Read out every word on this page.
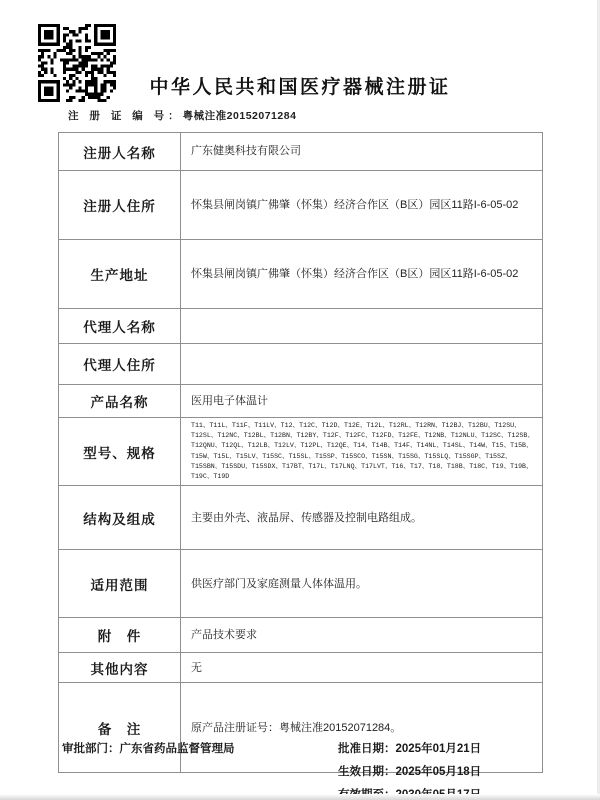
中华人民共和国医疗器械注册证
注 册 证 编 号：粤械注准20152071284
注册人名称	广东健奥科技有限公司
注册人住所	怀集县闸岗镇广佛肇（怀集）经济合作区（B区）园区11路I-6-05-02
生产地址	怀集县闸岗镇广佛肇（怀集）经济合作区（B区）园区11路I-6-05-02
代理人名称	
代理人住所	
产品名称	医用电子体温计
型号、规格	T11、T11L、T11F、T11LV、T12、T12C、T12D、T12E、T12L、T12RL、T12RN、T12BJ、T12BU、T12SU、T12SL、T12NC、T12BL、T12BN、T12BY、T12F、T12FC、T12FD、T12FE、T12NB、T12NLU、T12SC、T12SB、T12QNU、T12QL、T12LB、T12LV、T12PL、T12QE、T14、T14B、T14F、T14NL、T14SL、T14W、T15、T15B、T15W、T15L、T15LV、T15SC、T15SL、T15SP、T15SCO、T15SN、T15SG、T15SLQ、T15SGP、T15SZ、T15SBN、T15SDU、T15SDX、T17BT、T17L、T17LNQ、T17LVT、T16、T17、T18、T18B、T18C、T19、T19B、T19C、T19D
结构及组成	主要由外壳、液晶屏、传感器及控制电路组成。
适用范围	供医疗部门及家庭测量人体体温用。
附　件	产品技术要求
其他内容	无
备　注	原产品注册证号：粤械注准20152071284。
审批部门：广东省药品监督管理局	批准日期：2025年01月21日
生效日期：2025年05月18日
